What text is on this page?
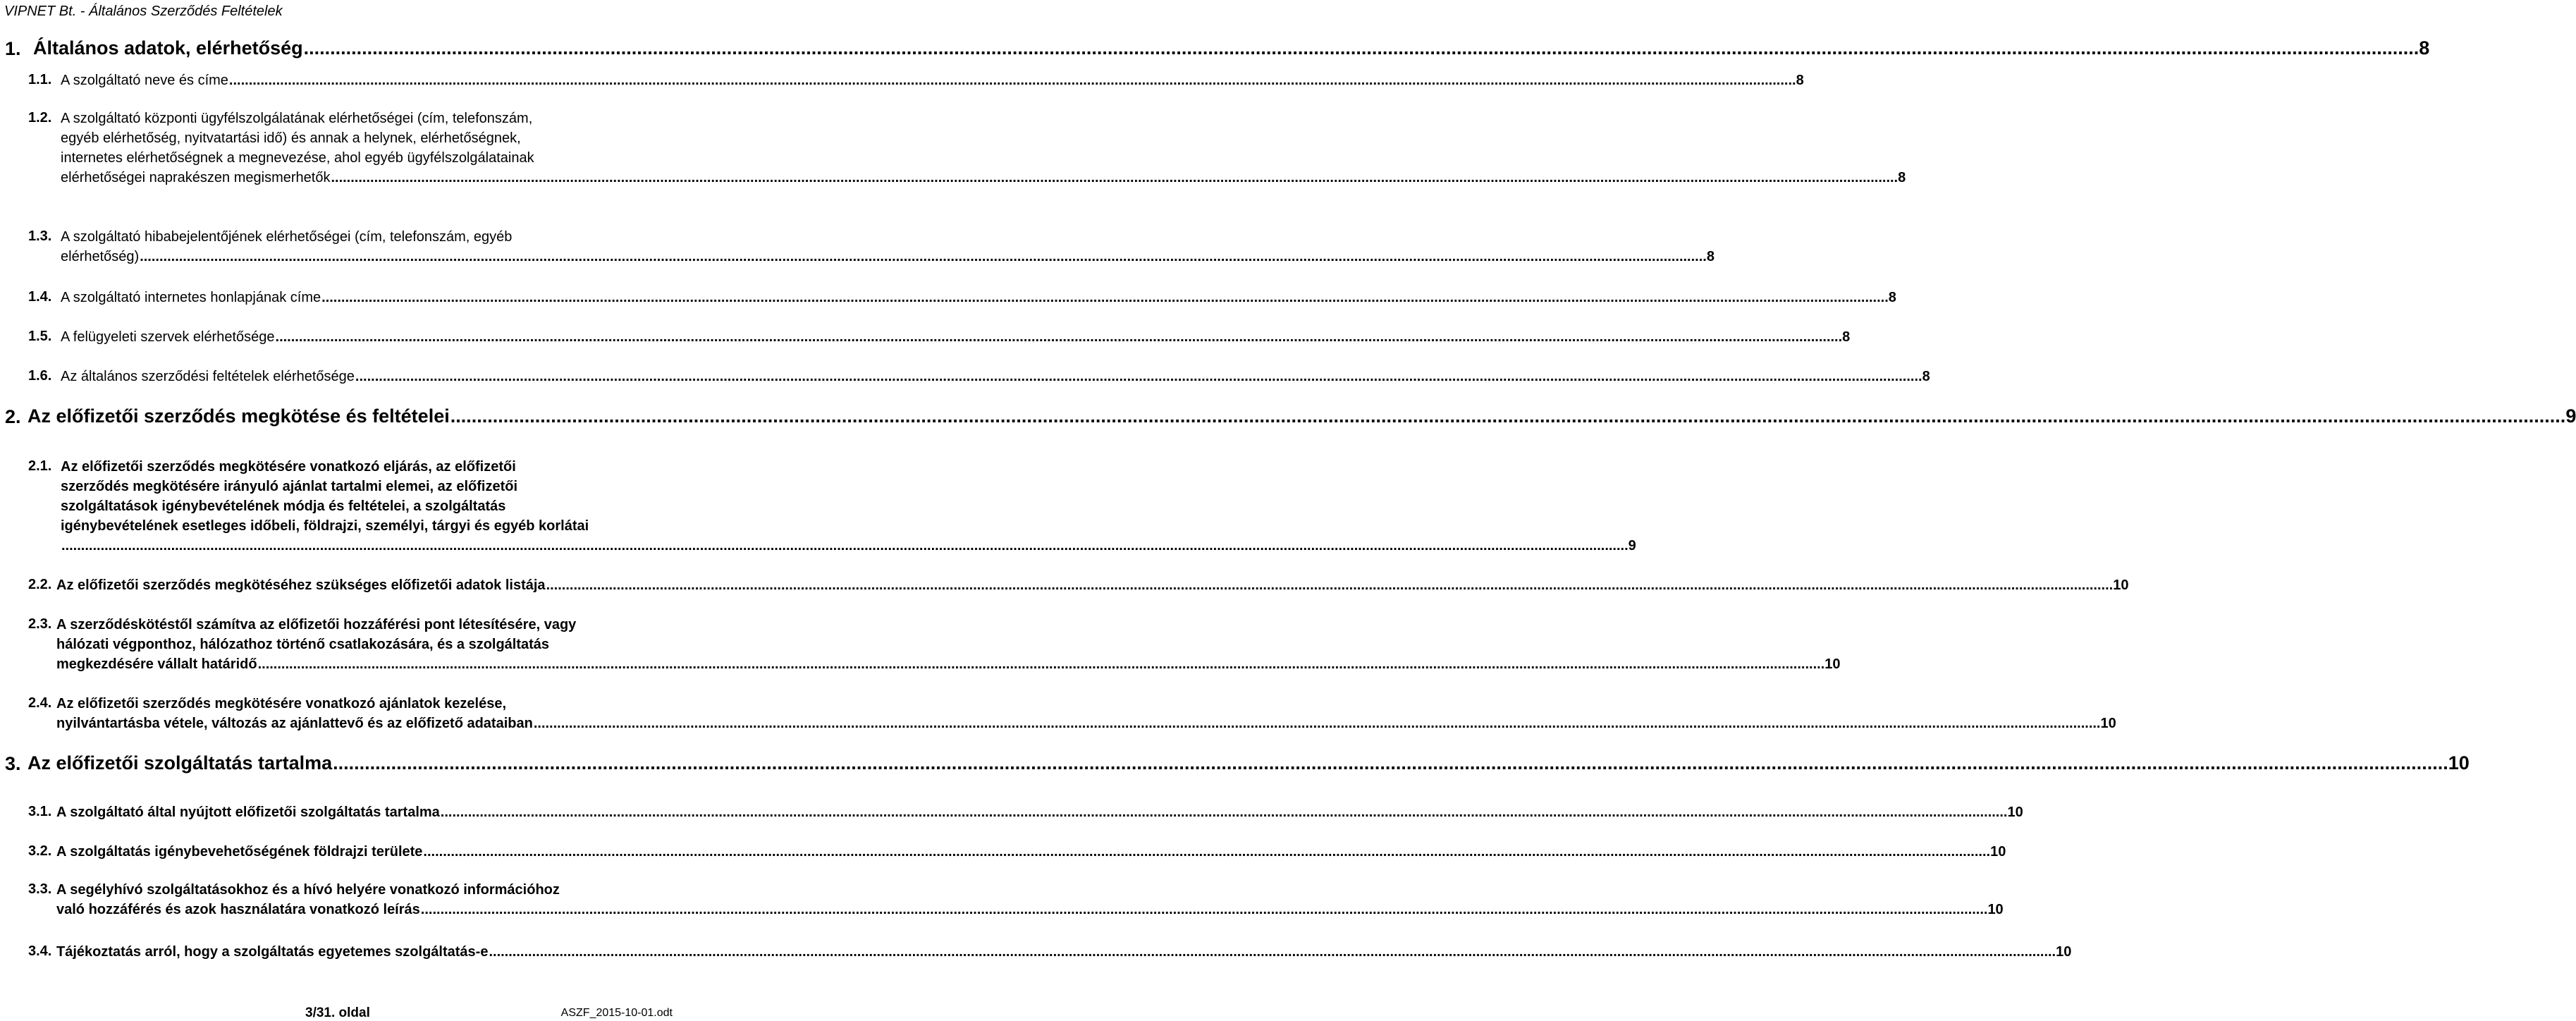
VIPNET Bt. - Általános Szerződés Feltételek
1. Általános adatok, elérhetőség ................................................................................................................................................................................................................................................................................................................................................................................................................ 8
1.1. A szolgáltató neve és címe ................................................................................................................................................................................................................................................................................................................................................................................................................ 8
1.2. A szolgáltató központi ügyfélszolgálatának elérhetőségei (cím, telefonszám,
egyéb elérhetőség, nyitvatartási idő) és annak a helynek, elérhetőségnek,
internetes elérhetőségnek a megnevezése, ahol egyéb ügyfélszolgálatainak
elérhetőségei naprakészen megismerhetők ................................................................................................................................................................................................................................................................................................................................................................................................................ 8
1.3. A szolgáltató hibabejelentőjének elérhetőségei (cím, telefonszám, egyéb
elérhetőség) ................................................................................................................................................................................................................................................................................................................................................................................................................ 8
1.4. A szolgáltató internetes honlapjának címe ................................................................................................................................................................................................................................................................................................................................................................................................................ 8
1.5. A felügyeleti szervek elérhetősége ................................................................................................................................................................................................................................................................................................................................................................................................................ 8
1.6. Az általános szerződési feltételek elérhetősége ................................................................................................................................................................................................................................................................................................................................................................................................................ 8
2. Az előfizetői szerződés megkötése és feltételei ................................................................................................................................................................................................................................................................................................................................................................................................................ 9
2.1. Az előfizetői szerződés megkötésére vonatkozó eljárás, az előfizetői
szerződés megkötésére irányuló ajánlat tartalmi elemei, az előfizetői
szolgáltatások igénybevételének módja és feltételei, a szolgáltatás
igénybevételének esetleges időbeli, földrajzi, személyi, tárgyi és egyéb korlátai
................................................................................................................................................................................................................................................................................................................................................................................................................ 9
2.2. Az előfizetői szerződés megkötéséhez szükséges előfizetői adatok listája ................................................................................................................................................................................................................................................................................................................................................................................................................ 10
2.3. A szerződéskötéstől számítva az előfizetői hozzáférési pont létesítésére, vagy
hálózati végponthoz, hálózathoz történő csatlakozására, és a szolgáltatás
megkezdésére vállalt határidő ................................................................................................................................................................................................................................................................................................................................................................................................................ 10
2.4. Az előfizetői szerződés megkötésére vonatkozó ajánlatok kezelése,
nyilvántartásba vétele, változás az ajánlattevő és az előfizető adataiban ................................................................................................................................................................................................................................................................................................................................................................................................................ 10
3. Az előfizetői szolgáltatás tartalma ................................................................................................................................................................................................................................................................................................................................................................................................................ 10
3.1. A szolgáltató által nyújtott előfizetői szolgáltatás tartalma ................................................................................................................................................................................................................................................................................................................................................................................................................ 10
3.2. A szolgáltatás igénybevehetőségének földrajzi területe ................................................................................................................................................................................................................................................................................................................................................................................................................ 10
3.3. A segélyhívó szolgáltatásokhoz és a hívó helyére vonatkozó információhoz
való hozzáférés és azok használatára vonatkozó leírás ................................................................................................................................................................................................................................................................................................................................................................................................................ 10
3.4. Tájékoztatás arról, hogy a szolgáltatás egyetemes szolgáltatás-e ................................................................................................................................................................................................................................................................................................................................................................................................................ 10
3/31. oldal	ASZF_2015-10-01.odt
